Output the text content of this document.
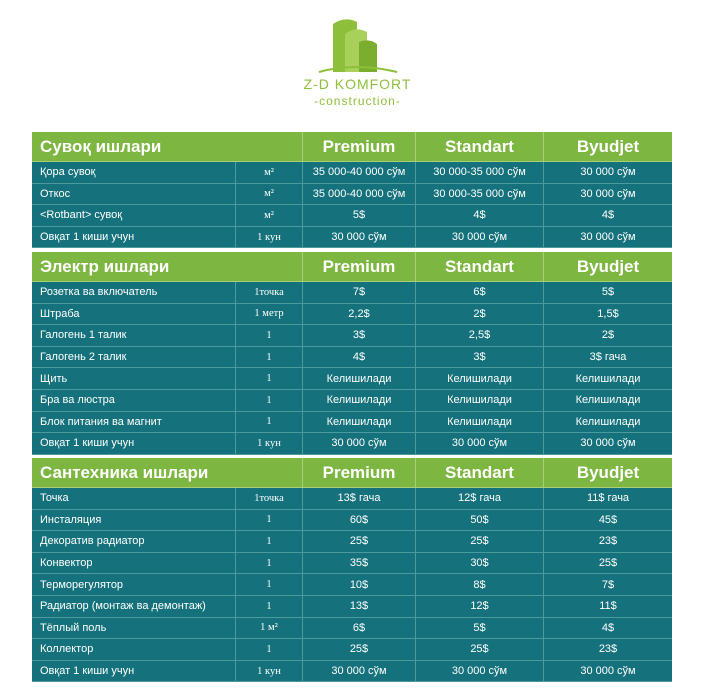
Z-D KOMFORT
-construction-
Сувоқ ишлари	Premium	Standart	Byudjet
Қора сувоқ	м²	35 000-40 000 сўм	30 000-35 000 сўм	30 000 сўм
Откос	м²	35 000-40 000 сўм	30 000-35 000 сўм	30 000 сўм
<Rotbant> сувоқ	м²	5$	4$	4$
Овқат 1 киши учун	1 кун	30 000 сўм	30 000 сўм	30 000 сўм
Электр ишлари	Premium	Standart	Byudjet
Розетка ва включатель	1точка	7$	6$	5$
Штраба	1 метр	2,2$	2$	1,5$
Галогень 1 талик	1	3$	2,5$	2$
Галогень 2 талик	1	4$	3$	3$ гача
Щить	1	Келишилади	Келишилади	Келишилади
Бра ва люстра	1	Келишилади	Келишилади	Келишилади
Блок питания ва магнит	1	Келишилади	Келишилади	Келишилади
Овқат 1 киши учун	1 кун	30 000 сўм	30 000 сўм	30 000 сўм
Сантехника ишлари	Premium	Standart	Byudjet
Точка	1точка	13$ гача	12$ гача	11$ гача
Инсталяция	1	60$	50$	45$
Декоратив радиатор	1	25$	25$	23$
Конвектор	1	35$	30$	25$
Терморегулятор	1	10$	8$	7$
Радиатор (монтаж ва демонтаж)	1	13$	12$	11$
Тёплый поль	1 м²	6$	5$	4$
Коллектор	1	25$	25$	23$
Овқат 1 киши учун	1 кун	30 000 сўм	30 000 сўм	30 000 сўм
